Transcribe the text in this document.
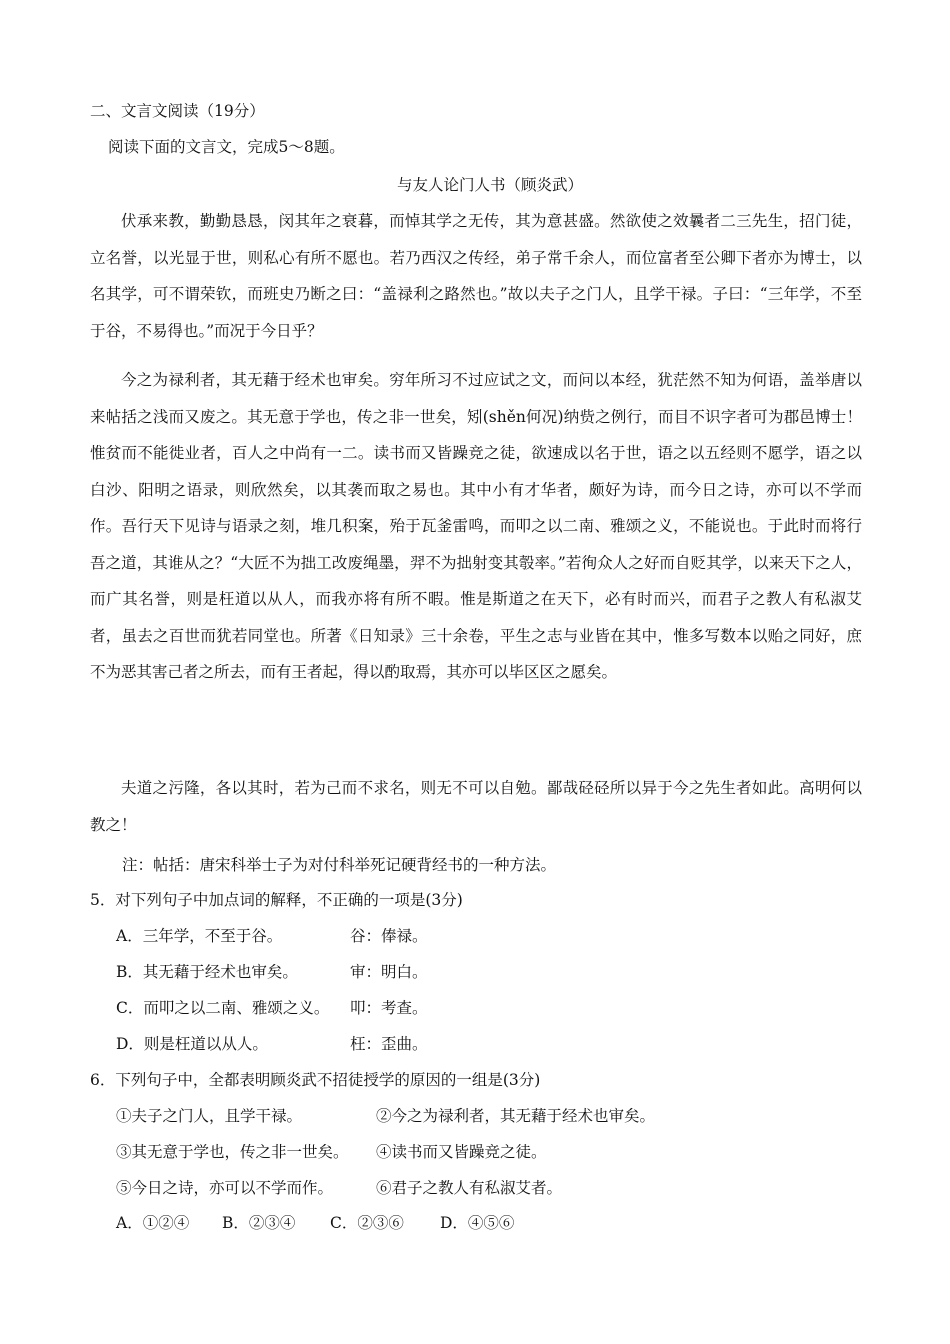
二、文言文阅读（19分）
阅读下面的文言文，完成5～8题。
与友人论门人书（顾炎武）
伏承来教，勤勤恳恳，闵其年之衰暮，而悼其学之无传，其为意甚盛。然欲使之效曩者二三先生，招门徒，立名誉，以光显于世，则私心有所不愿也。若乃西汉之传经，弟子常千余人，而位富者至公卿下者亦为博士，以名其学，可不谓荣钦，而班史乃断之曰：“盖禄利之路然也。”故以夫子之门人，且学干禄。子曰：“三年学，不至于谷，不易得也。”而况于今日乎？
今之为禄利者，其无藉于经术也审矣。穷年所习不过应试之文，而问以本经，犹茫然不知为何语，盖举唐以来帖括之浅而又废之。其无意于学也，传之非一世矣，矧(shěn何况)纳赀之例行，而目不识字者可为郡邑博士！惟贫而不能徙业者，百人之中尚有一二。读书而又皆躁竞之徒，欲速成以名于世，语之以五经则不愿学，语之以白沙、阳明之语录，则欣然矣，以其袭而取之易也。其中小有才华者，颇好为诗，而今日之诗，亦可以不学而作。吾行天下见诗与语录之刻，堆几积案，殆于瓦釜雷鸣，而叩之以二南、雅颂之义，不能说也。于此时而将行吾之道，其谁从之？“大匠不为拙工改废绳墨，羿不为拙射变其彀率。”若徇众人之好而自贬其学，以来天下之人，而广其名誉，则是枉道以从人，而我亦将有所不暇。惟是斯道之在天下，必有时而兴，而君子之教人有私淑艾者，虽去之百世而犹若同堂也。所著《日知录》三十余卷，平生之志与业皆在其中，惟多写数本以贻之同好，庶不为恶其害己者之所去，而有王者起，得以酌取焉，其亦可以毕区区之愿矣。
夫道之污隆，各以其时，若为己而不求名，则无不可以自勉。鄙哉硁硁所以异于今之先生者如此。高明何以教之！
注：帖括：唐宋科举士子为对付科举死记硬背经书的一种方法。
5．对下列句子中加点词的解释，不正确的一项是(3分)
A．三年学，不至于谷。	谷：俸禄。
B．其无藉于经术也审矣。	审：明白。
C．而叩之以二南、雅颂之义。 叩：考查。
D．则是枉道以从人。	枉：歪曲。
6．下列句子中，全都表明顾炎武不招徒授学的原因的一组是(3分)
①夫子之门人，且学干禄。	②今之为禄利者，其无藉于经术也审矣。
③其无意于学也，传之非一世矣。 ④读书而又皆躁竞之徒。
⑤今日之诗，亦可以不学而作。	⑥君子之教人有私淑艾者。
A．①②④ B．②③④ C．②③⑥ D．④⑤⑥
